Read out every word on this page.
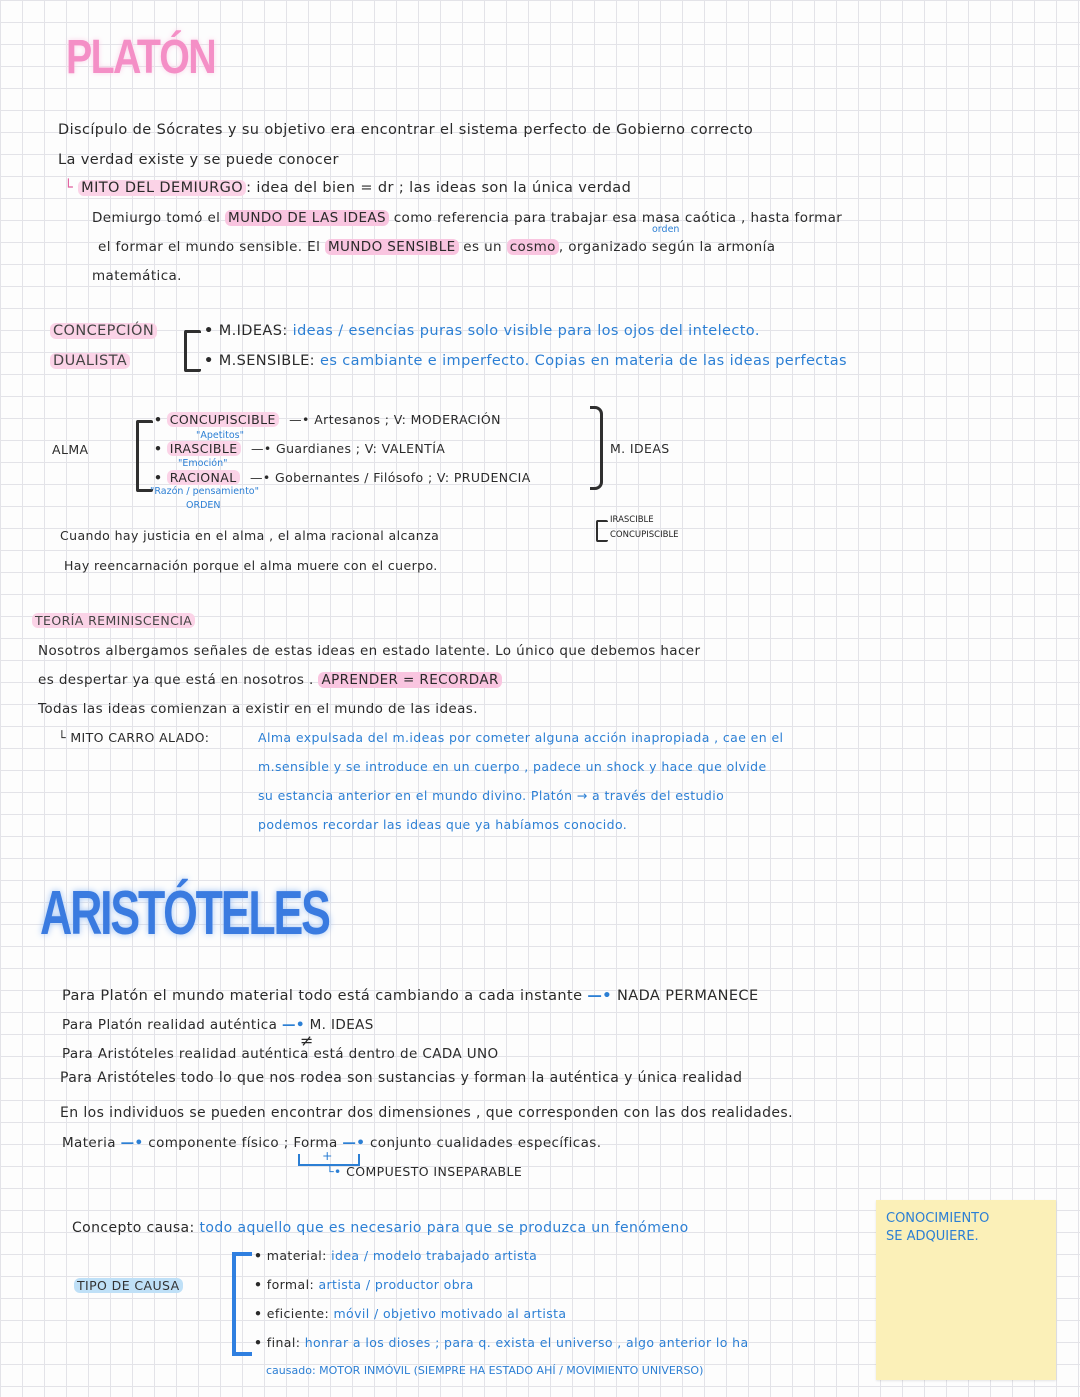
PLATÓN
Discípulo de Sócrates y su objetivo era encontrar el sistema perfecto de Gobierno correcto
La verdad existe y se puede conocer
└ MITO DEL DEMIURGO : idea del bien = dr ; las ideas son la única verdad
orden
Demiurgo tomó el MUNDO DE LAS IDEAS como referencia para trabajar esa masa caótica , hasta formar
el formar el mundo sensible. El MUNDO SENSIBLE es un cosmo , organizado según la armonía
matemática.
CONCEPCIÓN
DUALISTA
• M.IDEAS: ideas / esencias puras solo visible para los ojos del intelecto.
• M.SENSIBLE: es cambiante e imperfecto. Copias en materia de las ideas perfectas
ALMA
• CONCUPISCIBLE —• Artesanos ; V: MODERACIÓN
"Apetitos"
• IRASCIBLE —• Guardianes ; V: VALENTÍA
"Emoción"
• RACIONAL —• Gobernantes / Filósofo ; V: PRUDENCIA
"Razón / pensamiento"
ORDEN
M. IDEAS
Cuando hay justicia en el alma , el alma racional alcanza
IRASCIBLE
CONCUPISCIBLE
Hay reencarnación porque el alma muere con el cuerpo.
TEORÍA REMINISCENCIA
Nosotros albergamos señales de estas ideas en estado latente. Lo único que debemos hacer
es despertar ya que está en nosotros . APRENDER = RECORDAR
Todas las ideas comienzan a existir en el mundo de las ideas.
└ MITO CARRO ALADO:	Alma expulsada del m.ideas por cometer alguna acción inapropiada , cae en el
m.sensible y se introduce en un cuerpo , padece un shock y hace que olvide
su estancia anterior en el mundo divino. Platón → a través del estudio
podemos recordar las ideas que ya habíamos conocido.
ARISTÓTELES
Para Platón el mundo material todo está cambiando a cada instante —• NADA PERMANECE
Para Platón realidad auténtica —• M. IDEAS
≠
Para Aristóteles realidad auténtica está dentro de CADA UNO
Para Aristóteles todo lo que nos rodea son sustancias y forman la auténtica y única realidad
En los individuos se pueden encontrar dos dimensiones , que corresponden con las dos realidades.
Materia —• componente físico ; Forma —• conjunto cualidades específicas.
+
└• COMPUESTO INSEPARABLE
Concepto causa: todo aquello que es necesario para que se produzca un fenómeno
TIPO DE CAUSA
• material: idea / modelo trabajado artista
• formal: artista / productor obra
• eficiente: móvil / objetivo motivado al artista
• final: honrar a los dioses ; para q. exista el universo , algo anterior lo ha
causado: MOTOR INMÓVIL (SIEMPRE HA ESTADO AHÍ / MOVIMIENTO UNIVERSO)
CONOCIMIENTO
SE ADQUIERE.
